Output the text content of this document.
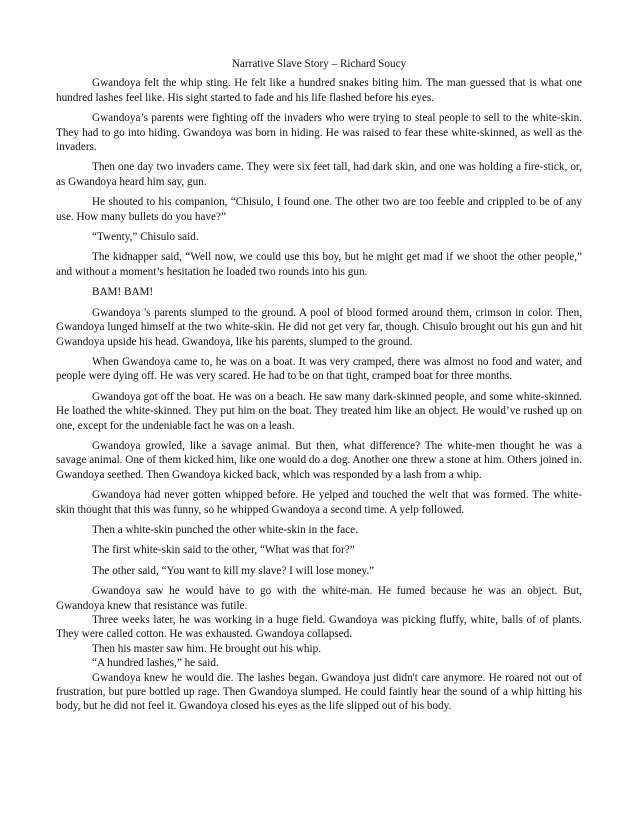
Narrative Slave Story – Richard Soucy

Gwandoya felt the whip sting. He felt like a hundred snakes biting him. The man guessed that is what one hundred lashes feel like. His sight started to fade and his life flashed before his eyes.

Gwandoya’s parents were fighting off the invaders who were trying to steal people to sell to the white-skin. They had to go into hiding. Gwandoya was born in hiding. He was raised to fear these white-skinned, as well as the invaders.

Then one day two invaders came. They were six feet tall, had dark skin, and one was holding a fire-stick, or, as Gwandoya heard him say, gun.

He shouted to his companion, “Chisulo, I found one. The other two are too feeble and crippled to be of any use. How many bullets do you have?”

“Twenty,” Chisulo said.

The kidnapper said, “Well now, we could use this boy, but he might get mad if we shoot the other people,” and without a moment’s hesitation he loaded two rounds into his gun.

BAM! BAM!

Gwandoya 's parents slumped to the ground. A pool of blood formed around them, crimson in color. Then, Gwandoya lunged himself at the two white-skin. He did not get very far, though. Chisulo brought out his gun and hit Gwandoya upside his head. Gwandoya, like his parents, slumped to the ground.

When Gwandoya came to, he was on a boat. It was very cramped, there was almost no food and water, and people were dying off. He was very scared. He had to be on that tight, cramped boat for three months.

Gwandoya got off the boat. He was on a beach. He saw many dark-skinned people, and some white-skinned. He loathed the white-skinned. They put him on the boat. They treated him like an object. He would’ve rushed up on one, except for the undeniable fact he was on a leash.

Gwandoya growled, like a savage animal. But then, what difference? The white-men thought he was a savage animal. One of them kicked him, like one would do a dog. Another one threw a stone at him. Others joined in. Gwandoya seethed. Then Gwandoya kicked back, which was responded by a lash from a whip.

Gwandoya had never gotten whipped before. He yelped and touched the welt that was formed. The white-skin thought that this was funny, so he whipped Gwandoya a second time. A yelp followed.

Then a white-skin punched the other white-skin in the face.

The first white-skin said to the other, “What was that for?”

The other said, “You want to kill my slave? I will lose money.”

Gwandoya saw he would have to go with the white-man. He fumed because he was an object. But, Gwandoya knew that resistance was futile.

Three weeks later, he was working in a huge field. Gwandoya was picking fluffy, white, balls of of plants. They were called cotton. He was exhausted. Gwandoya collapsed.

Then his master saw him. He brought out his whip.

“A hundred lashes,” he said.

Gwandoya knew he would die. The lashes began. Gwandoya just didn't care anymore. He roared not out of frustration, but pure bottled up rage. Then Gwandoya slumped. He could faintly hear the sound of a whip hitting his body, but he did not feel it. Gwandoya closed his eyes as the life slipped out of his body.
